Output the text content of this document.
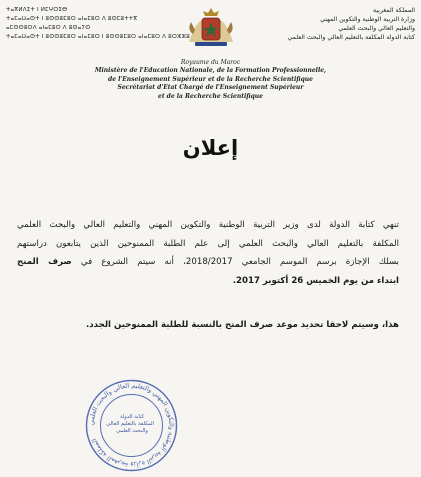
ⵜⴰⴳⵍⴷⵉⵜ ⵏ ⵍⵎⵖⵔⵉⴱ
ⵜⴰⵎⴰⵡⴰⵙⵜ ⵏ ⵓⵙⵙⵓⵎⵓⵔ ⴰⵏⴰⵎⵓⵔ ⴷ ⵓⵙⵎⵓⵜⵜⴳ
ⴰⵎⵙⵙⵓⵔⴷ ⴰⵏⴰⵎⵓⵔ ⴷ ⵓⵙⴰⵢⵙ
ⵜⴰⵎⴰⵡⴰⵙⵜ ⵏ ⵓⵙⵙⵓⵎⵓⵔ ⴰⵏⴰⵎⵓⵔ ⵏ ⵓⵙⵙⵓⵎⵓⵔ ⴰⵏⴰⵎⵓⵔ ⴷ ⵓⵔⵣⵣⵓ
المملكة المغربية
وزارة التربية الوطنية والتكوين المهني
والتعليم العالي والبحث العلمي
كتابة الدولة المكلفة بالتعليم العالي والبحث العلمي
Royaume du Maroc
Ministère de l'Education Nationale, de la Formation Professionnelle,
de l'Enseignement Supérieur et de la Recherche Scientifique
Secrétariat d'Etat Chargé de l'Enseignement Supérieur
et de la Recherche Scientifique
إعلان
تنهي كتابة الدولة لدى وزير التربية الوطنية والتكوين المهني والتعليم العالي والبحث العلمي
المكلفة بالتعليم العالي والبحث العلمي إلى علم الطلبة الممنوحين الذين يتابعون دراستهم
بسلك الإجازة برسم الموسم الجامعي 2018/2017، أنه سيتم الشروع في صرف المنح
ابتداء من يوم الخميس 26 أكتوبر 2017.
هذا، وسيتم لاحقا تحديد موعد صرف المنح بالنسبة للطلبة الممنوحين الجدد.
المملكة المغربية وزارة التربية الوطنية والتكوين المهني والتعليم العالي والبحث العلمي
كتابة الدولة
المكلفة بالتعليم العالي
والبحث العلمي
